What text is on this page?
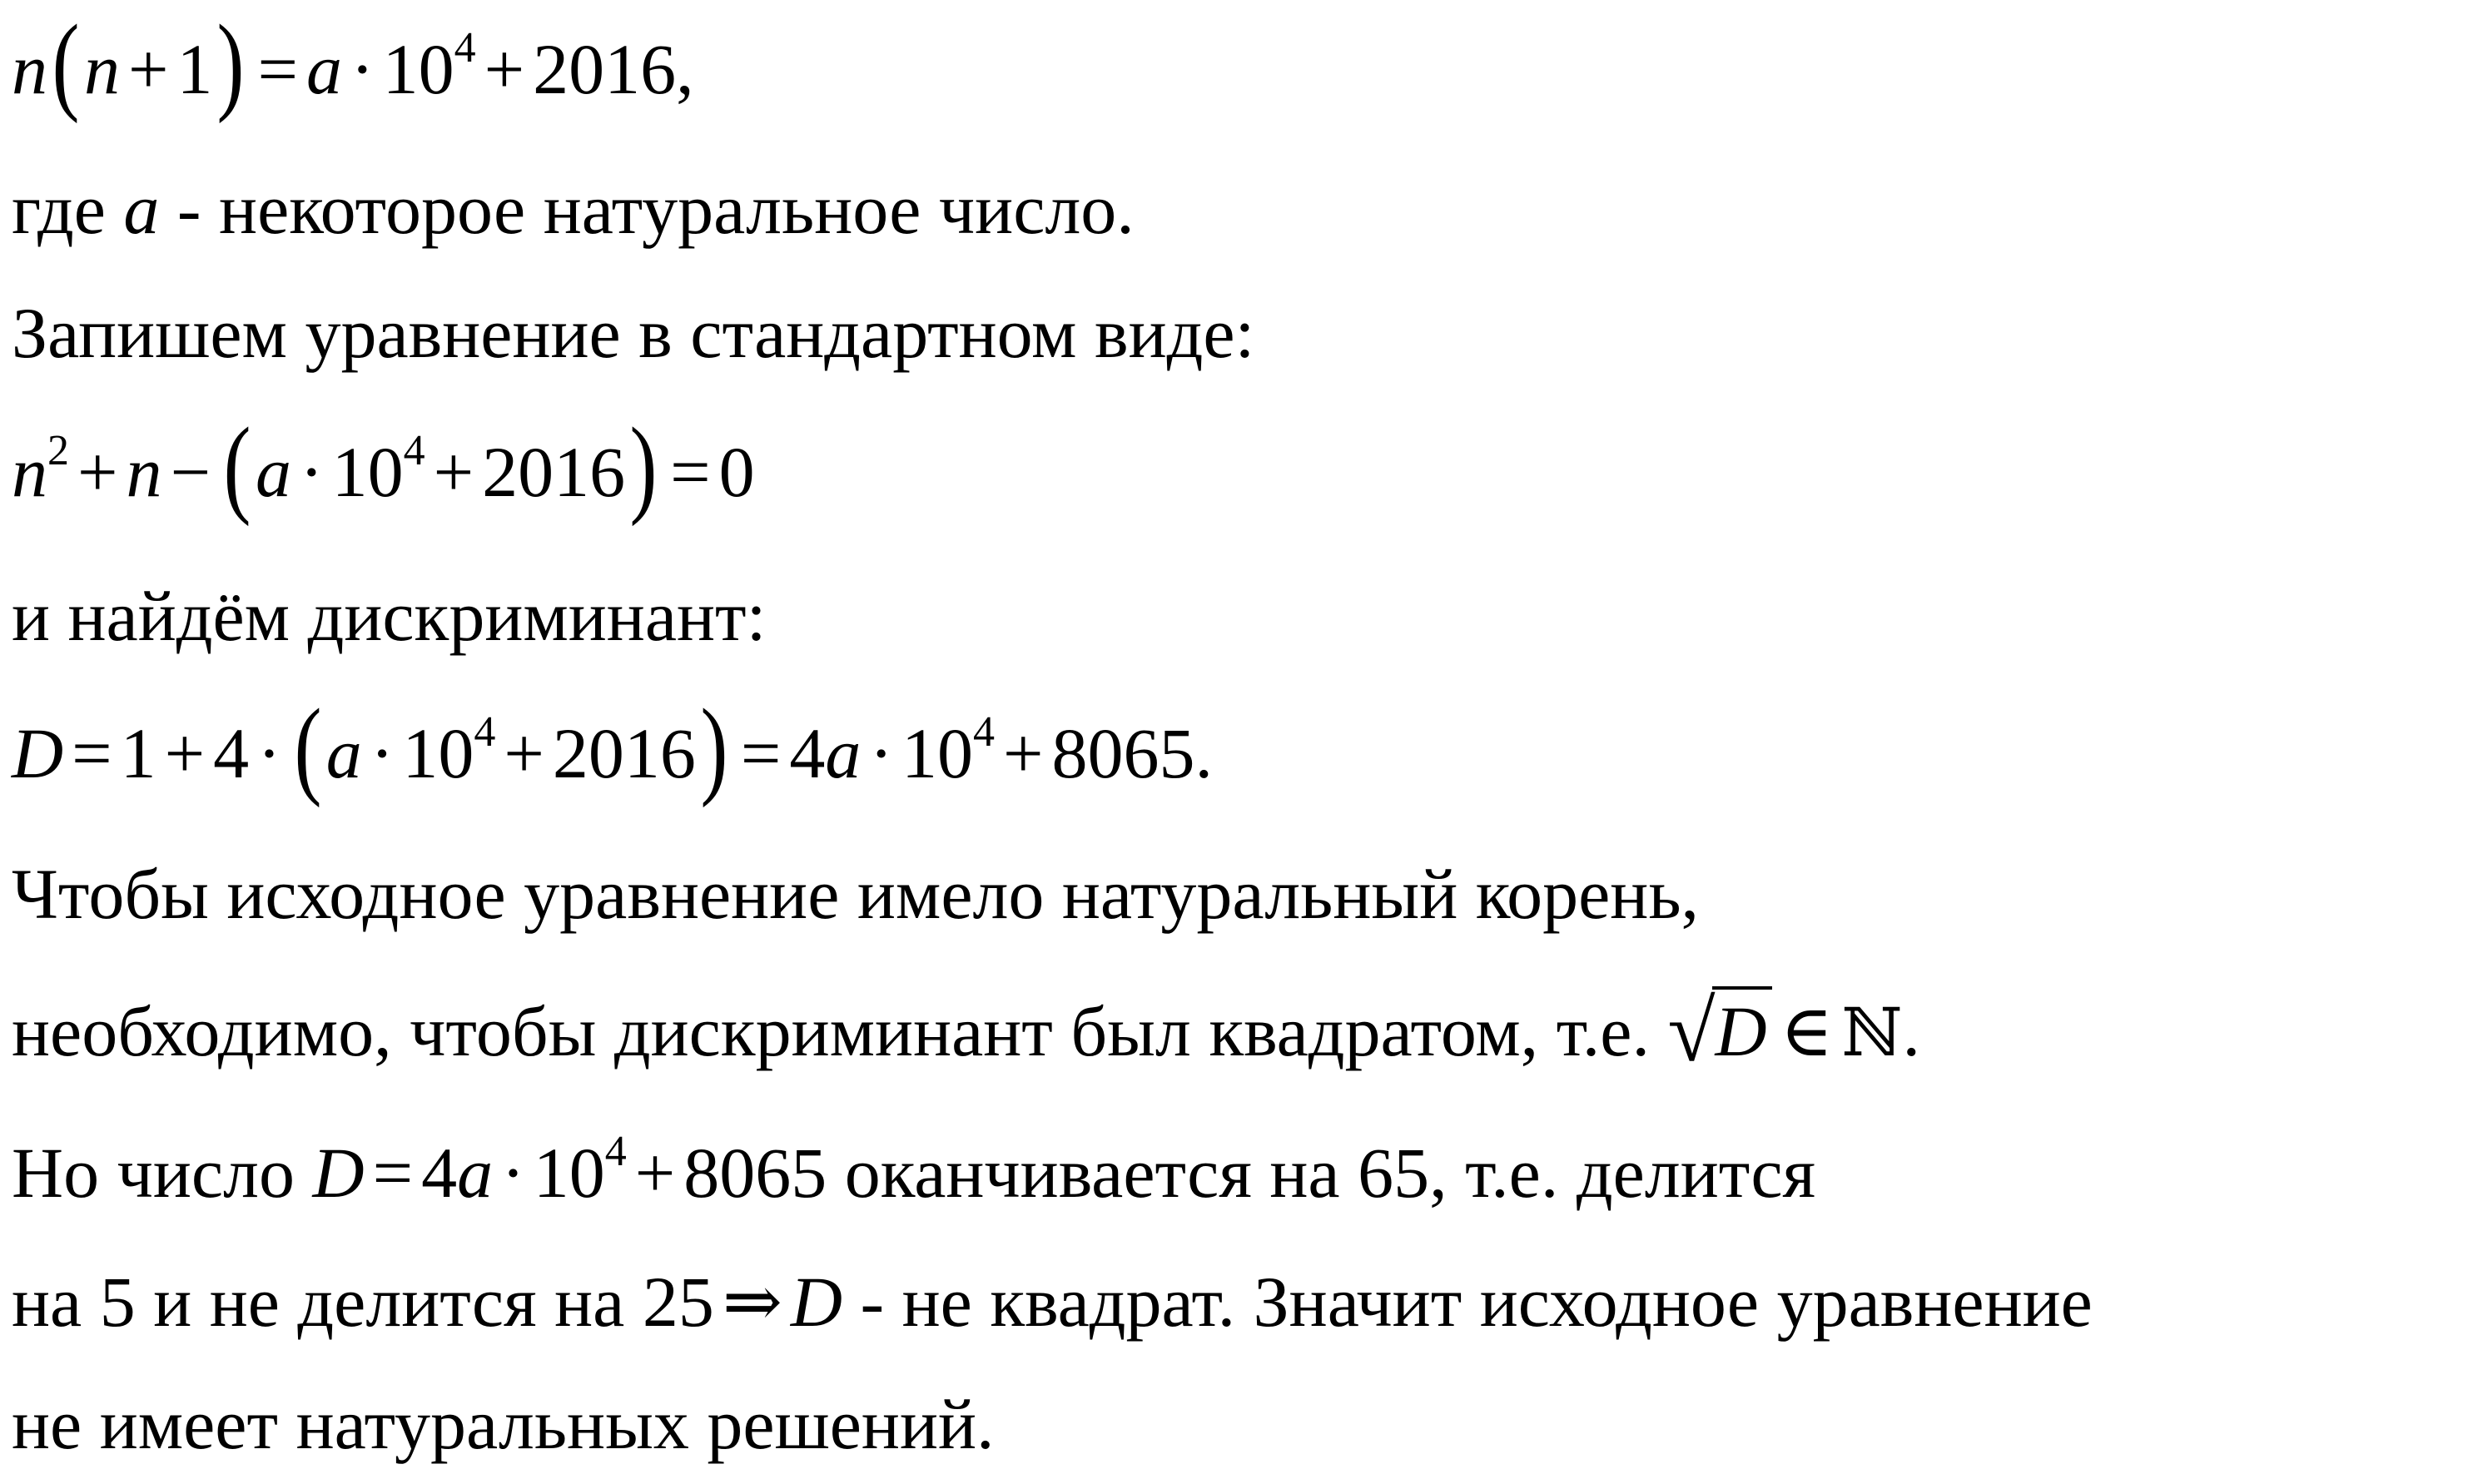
$n(n + 1) = a \cdot 10^4 + 2016$,
где a - некоторое натуральное число.
Запишем уравнение в стандартном виде:
$n^2 + n - (a \cdot 10^4 + 2016) = 0$
и найдём дискриминант:
$D = 1 + 4 \cdot (a \cdot 10^4 + 2016) = 4a \cdot 10^4 + 8065$.
Чтобы исходное уравнение имело натуральный корень,
необходимо, чтобы дискриминант был квадратом, т.е. √D ∈ ℕ.
Но число $D = 4a \cdot 10^4 + 8065$ оканчивается на 65, т.е. делится
на 5 и не делится на 25 ⇒ D - не квадрат. Значит исходное уравнение
не имеет натуральных решений.
